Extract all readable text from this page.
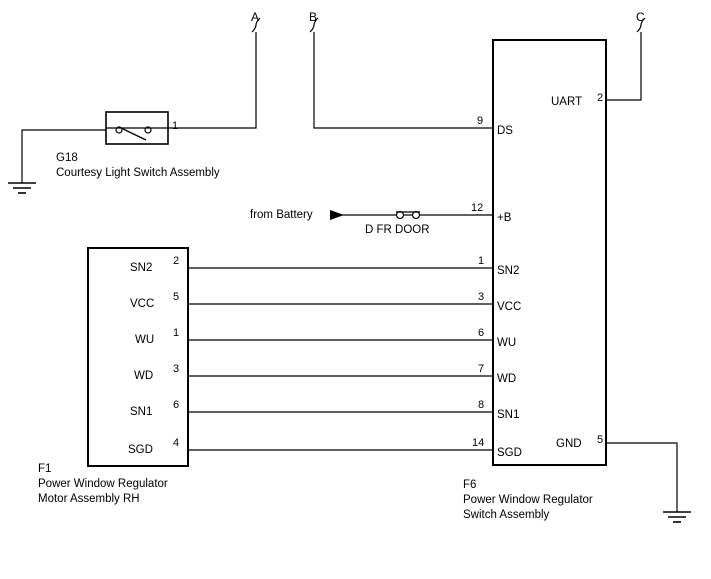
A	B	C
1
G18
Courtesy Light Switch Assembly
from Battery
D FR DOOR
UART 2
GND 5
9
DS
12
+B
1
SN2
3
VCC
6
WU
7
WD
8
SN1
14
SGD
F6
Power Window Regulator
Switch Assembly
SN2
2
VCC
5
WU
1
WD
3
SN1
6
SGD
4
F1
Power Window Regulator
Motor Assembly RH
